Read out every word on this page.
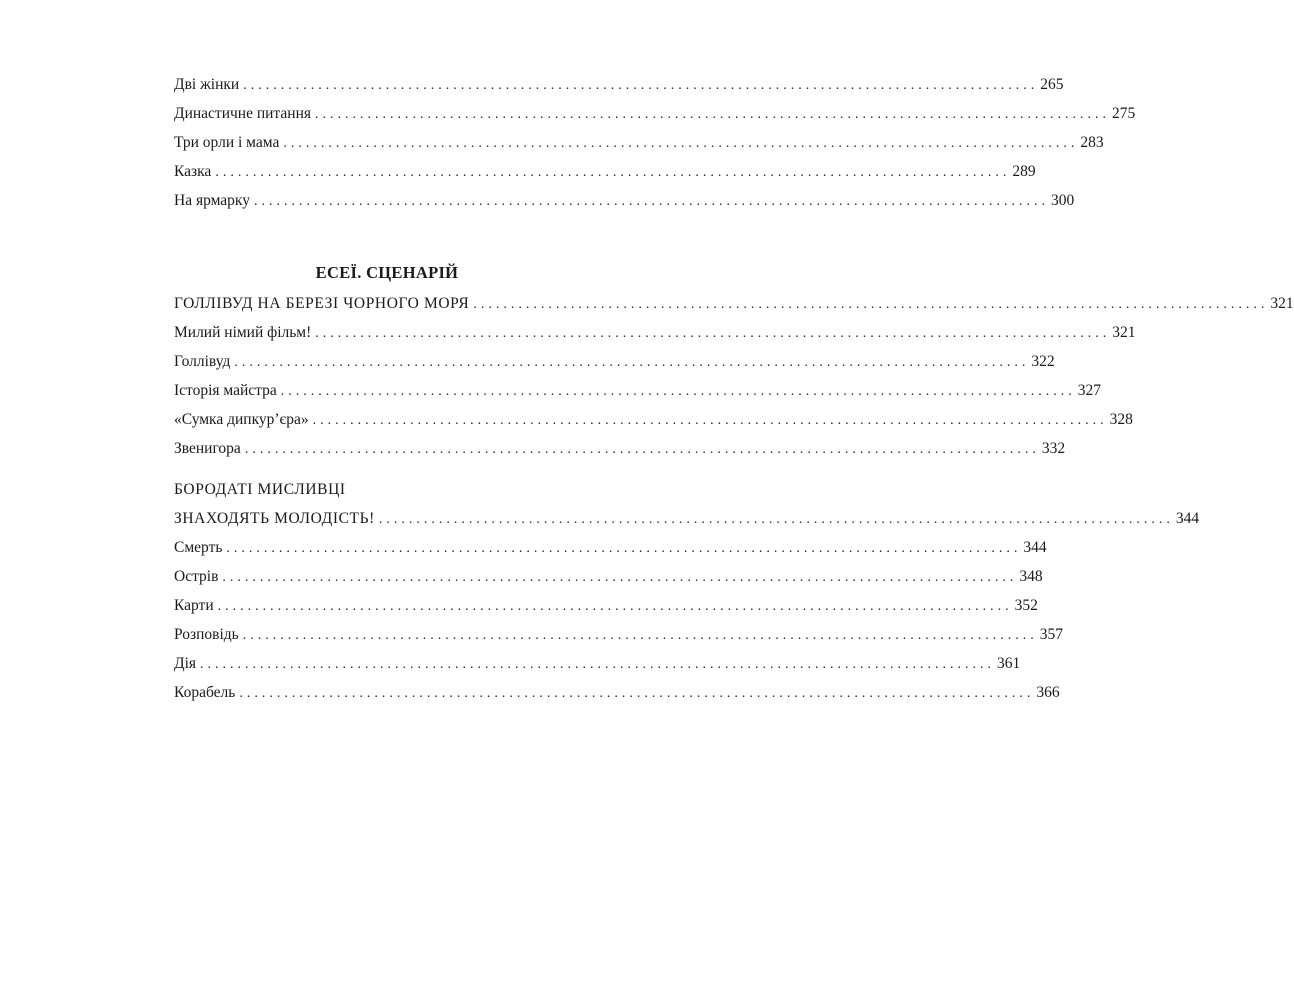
Дві жінки .......................................................................................................... 265
Династичне питання .......................................................................................................... 275
Три орли і мама .......................................................................................................... 283
Казка .......................................................................................................... 289
На ярмарку .......................................................................................................... 300
ЕСЕЇ. СЦЕНАРІЙ
ГОЛЛІВУД НА БЕРЕЗІ ЧОРНОГО МОРЯ .......................................................................................................... 321
Милий німий фільм! .......................................................................................................... 321
Голлівуд .......................................................................................................... 322
Історія майстра .......................................................................................................... 327
«Сумка дипкур’єра» .......................................................................................................... 328
Звенигора .......................................................................................................... 332
БОРОДАТІ МИСЛИВЦІ
ЗНАХОДЯТЬ МОЛОДІСТЬ! .......................................................................................................... 344
Смерть .......................................................................................................... 344
Острів .......................................................................................................... 348
Карти .......................................................................................................... 352
Розповідь .......................................................................................................... 357
Дія .......................................................................................................... 361
Корабель .......................................................................................................... 366
